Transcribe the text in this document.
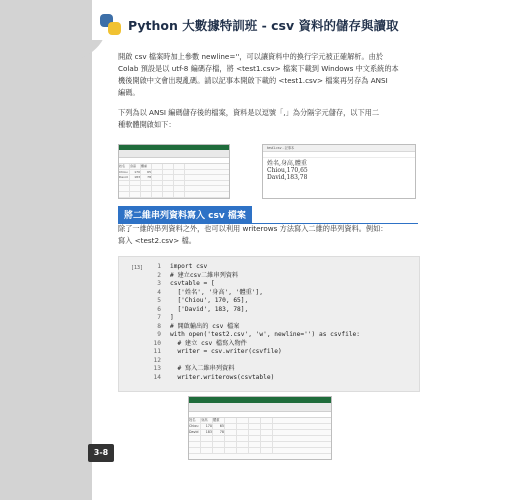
Python 大數據特訓班 - csv 資料的儲存與讀取
開啟 csv 檔案時加上參數 newline=''，可以讓資料中的換行字元被正確解析。由於
Colab 預設是以 utf-8 編碼存檔，將 <test1.csv> 檔案下載到 Windows 中文系統的本
機後開啟中文會出現亂碼。請以記事本開啟下載的 <test1.csv> 檔案再另存為 ANSI
編碼。
下列為以 ANSI 編碼儲存後的檔案，資料是以逗號「,」為分隔字元儲存，以下用二
種軟體開啟如下：
姓名	身高	體重
Chiou	170	65
David	183	78
test1.csv - 記事本
姓名,身高,體重
Chiou,170,65
David,183,78
將二維串列資料寫入 csv 檔案
除了一維的串列資料之外，也可以利用 writerows 方法寫入二維的串列資料。例如：
寫入 <test2.csv> 檔。
[13]	1 import csv
2 # 建立csv二維串列資料
3 csvtable = [
4 ['姓名', '身高', '體重'],
5 ['Chiou', 170, 65],
6 ['David', 183, 78],
7 ]
8 # 開啟輸出的 csv 檔案
9 with open('test2.csv', 'w', newline='') as csvfile:
10 # 建立 csv 檔寫入物件
11 writer = csv.writer(csvfile)
12
13 # 寫入二維串列資料
14 writer.writerows(csvtable)
姓名	身高	體重
Chiou	170	65
David	183	78
3-8
